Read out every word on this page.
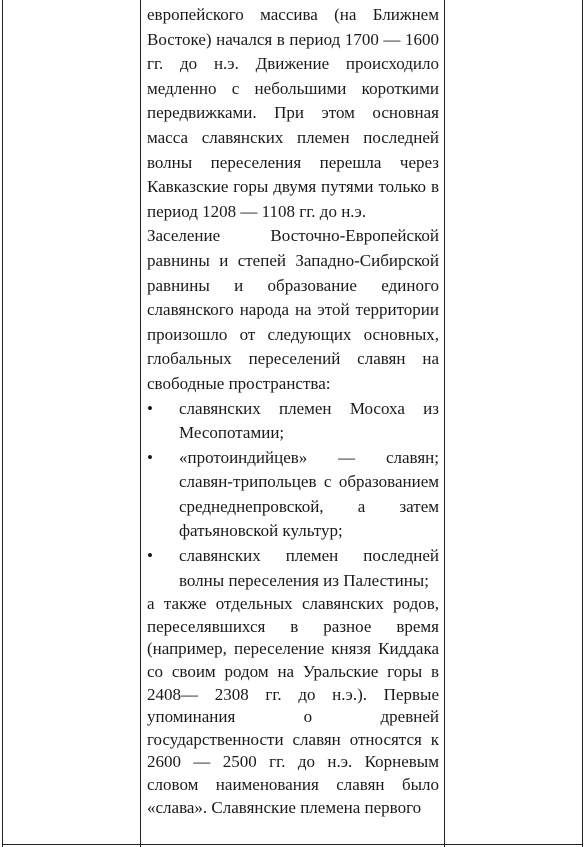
европейского массива (на Ближнем Востоке) начался в период 1700 — 1600 гг. до н.э. Движение происходило медленно с небольшими короткими передвижками. При этом основная масса славянских племен последней волны переселения перешла через Кавказские горы двумя путями только в период 1208 — 1108 гг. до н.э.

Заселение Восточно-Европейской равнины и степей Западно-Сибирской равнины и образование единого славянского народа на этой территории произошло от следующих основных, глобальных переселений славян на свободные пространства:

• славянских племен Мосоха из Месопотамии;
• «протоиндийцев» — славян; славян-трипольцев с образованием среднеднепровской, а затем фатьяновской культур;
• славянских племен последней волны переселения из Палестины;

а также отдельных славянских родов, переселявшихся в разное время (например, переселение князя Киддака со своим родом на Уральские горы в 2408— 2308 гг. до н.э.). Первые упоминания о древней государственности славян относятся к 2600 — 2500 гг. до н.э. Корневым словом наименования славян было «слава». Славянские племена первого
